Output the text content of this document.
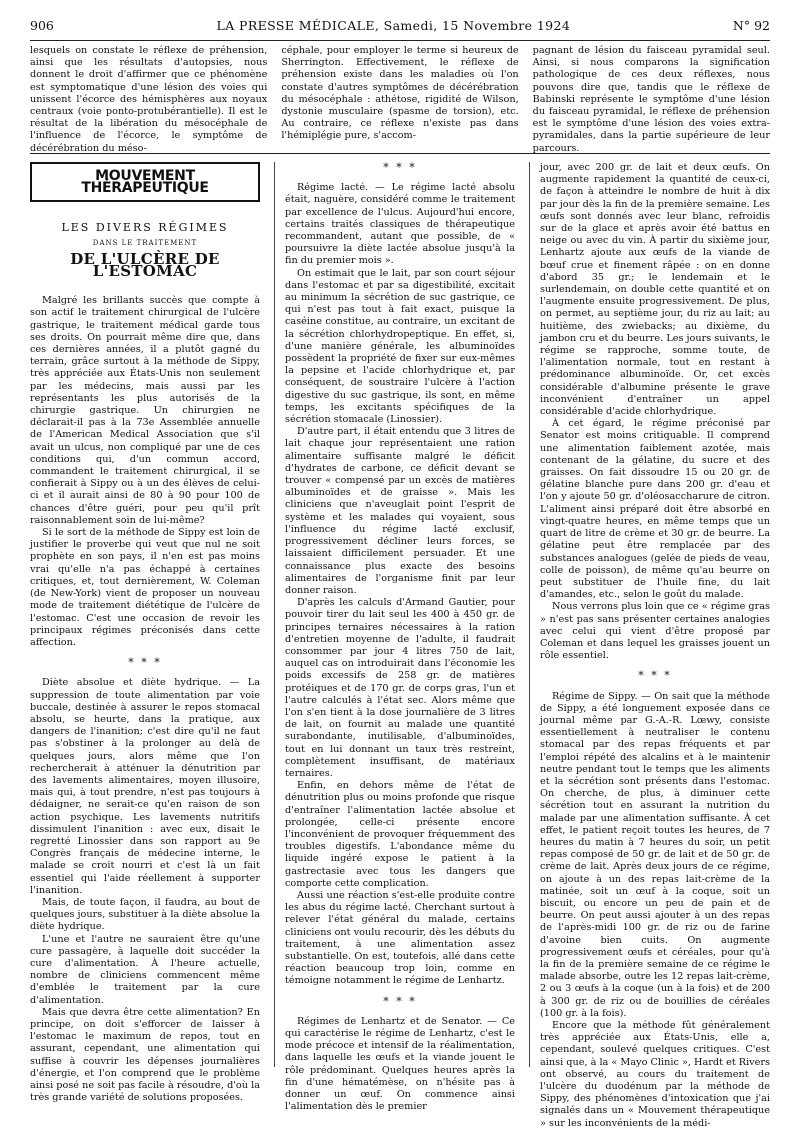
906	LA PRESSE MÉDICALE, Samedi, 15 Novembre 1924	N° 92

lesquels on constate le réflexe de préhension, ainsi que les résultats d'autopsies, nous donnent le droit d'affirmer que ce phénomène est symptomatique d'une lésion des voies qui unissent l'écorce des hémisphères aux noyaux centraux (voie ponto-protubérantielle). Il est le résultat de la libération du mésocéphale de l'influence de l'écorce, le symptôme de décérébration du méso-

céphale, pour employer le terme si heureux de Sherrington. Effectivement, le réflexe de préhension existe dans les maladies où l'on constate d'autres symptômes de décérébration du mésocéphale : athétose, rigidité de Wilson, dystonie musculaire (spasme de torsion), etc. Au contraire, ce réflexe n'existe pas dans l'hémiplégie pure, s'accom-

pagnant de lésion du faisceau pyramidal seul. Ainsi, si nous comparons la signification pathologique de ces deux réflexes, nous pouvons dire que, tandis que le réflexe de Babinski représente le symptôme d'une lésion du faisceau pyramidal, le réflexe de préhension est le symptôme d'une lésion des voies extra-pyramidales, dans la partie supérieure de leur parcours.

MOUVEMENT THÉRAPEUTIQUE
LES DIVERS RÉGIMES
DANS LE TRAITEMENT
DE L'ULCÈRE DE L'ESTOMAC

Malgré les brillants succès que compte à son actif le traitement chirurgical de l'ulcère gastrique, le traitement médical garde tous ses droits. On pourrait même dire que, dans ces dernières années, il a plutôt gagné du terrain, grâce surtout à la méthode de Sippy, très appréciée aux États-Unis non seulement par les médecins, mais aussi par les représentants les plus autorisés de la chirurgie gastrique. Un chirurgien ne déclarait-il pas à la 73e Assemblée annuelle de l'American Medical Association que s'il avait un ulcus, non compliqué par une de ces conditions qui, d'un commun accord, commandent le traitement chirurgical, il se confierait à Sippy ou à un des élèves de celui-ci et il aurait ainsi de 80 à 90 pour 100 de chances d'être guéri, pour peu qu'il prît raisonnablement soin de lui-même?

Si le sort de la méthode de Sippy est loin de justifier le proverbe qui veut que nul ne soit prophète en son pays, il n'en est pas moins vrai qu'elle n'a pas échappé à certaines critiques, et, tout dernièrement, W. Coleman (de New-York) vient de proposer un nouveau mode de traitement diététique de l'ulcère de l'estomac. C'est une occasion de revoir les principaux régimes préconisés dans cette affection.

* * *

Diète absolue et diète hydrique. — La suppression de toute alimentation par voie buccale, destinée à assurer le repos stomacal absolu, se heurte, dans la pratique, aux dangers de l'inanition; c'est dire qu'il ne faut pas s'obstiner à la prolonger au delà de quelques jours, alors même que l'on rechercherait à atténuer la dénutrition par des lavements alimentaires, moyen illusoire, mais qui, à tout prendre, n'est pas toujours à dédaigner, ne serait-ce qu'en raison de son action psychique. Les lavements nutritifs dissimulent l'inanition : avec eux, disait le regretté Linossier dans son rapport au 9e Congrès français de médecine interne, le malade se croit nourri et c'est là un fait essentiel qui l'aide réellement à supporter l'inanition.

Mais, de toute façon, il faudra, au bout de quelques jours, substituer à la diète absolue la diète hydrique.

L'une et l'autre ne sauraient être qu'une cure passagère, à laquelle doit succéder la cure d'alimentation. À l'heure actuelle, nombre de cliniciens commencent même d'emblée le traitement par la cure d'alimentation.

Mais que devra être cette alimentation? En principe, on doit s'efforcer de laisser à l'estomac le maximum de repos, tout en assurant, cependant, une alimentation qui suffise à couvrir les dépenses journalières d'énergie, et l'on comprend que le problème ainsi posé ne soit pas facile à résoudre, d'où la très grande variété de solutions proposées.

* * *

Régime lacté. — Le régime lacté absolu était, naguère, considéré comme le traitement par excellence de l'ulcus. Aujourd'hui encore, certains traités classiques de thérapeutique recommandent, autant que possible, de « poursuivre la diète lactée absolue jusqu'à la fin du premier mois ».

On estimait que le lait, par son court séjour dans l'estomac et par sa digestibilité, excitait au minimum la sécrétion de suc gastrique, ce qui n'est pas tout à fait exact, puisque la caséine constitue, au contraire, un excitant de la sécrétion chlorhydropeptique. En effet, si, d'une manière générale, les albuminoïdes possèdent la propriété de fixer sur eux-mêmes la pepsine et l'acide chlorhydrique et, par conséquent, de soustraire l'ulcère à l'action digestive du suc gastrique, ils sont, en même temps, les excitants spécifiques de la sécrétion stomacale (Linossier).

D'autre part, il était entendu que 3 litres de lait chaque jour représentaient une ration alimentaire suffisante malgré le déficit d'hydrates de carbone, ce déficit devant se trouver « compensé par un excès de matières albuminoïdes et de graisse ». Mais les cliniciens que n'aveuglait point l'esprit de système et les malades qui voyaient, sous l'influence du régime lacté exclusif, progressivement décliner leurs forces, se laissaient difficilement persuader. Et une connaissance plus exacte des besoins alimentaires de l'organisme finit par leur donner raison.

D'après les calculs d'Armand Gautier, pour pouvoir tirer du lait seul les 400 à 450 gr. de principes ternaires nécessaires à la ration d'entretien moyenne de l'adulte, il faudrait consommer par jour 4 litres 750 de lait, auquel cas on introduirait dans l'économie les poids excessifs de 258 gr. de matières protéiques et de 170 gr. de corps gras, l'un et l'autre calculés à l'état sec. Alors même que l'on s'en tient à la dose journalière de 3 litres de lait, on fournit au malade une quantité surabondante, inutilisable, d'albuminoïdes, tout en lui donnant un taux très restreint, complètement insuffisant, de matériaux ternaires.

Enfin, en dehors même de l'état de dénutrition plus ou moins profonde que risque d'entraîner l'alimentation lactée absolue et prolongée, celle-ci présente encore l'inconvénient de provoquer fréquemment des troubles digestifs. L'abondance même du liquide ingéré expose le patient à la gastrectasie avec tous les dangers que comporte cette complication.

Aussi une réaction s'est-elle produite contre les abus du régime lacté. Cherchant surtout à relever l'état général du malade, certains cliniciens ont voulu recourir, dès les débuts du traitement, à une alimentation assez substantielle. On est, toutefois, allé dans cette réaction beaucoup trop loin, comme en témoigne notamment le régime de Lenhartz.

* * *

Régimes de Lenhartz et de Senator. — Ce qui caractérise le régime de Lenhartz, c'est le mode précoce et intensif de la réalimentation, dans laquelle les œufs et la viande jouent le rôle prédominant. Quelques heures après la fin d'une hématémèse, on n'hésite pas à donner un œuf. On commence ainsi l'alimentation dès le premier

jour, avec 200 gr. de lait et deux œufs. On augmente rapidement la quantité de ceux-ci, de façon à atteindre le nombre de huit à dix par jour dès la fin de la première semaine. Les œufs sont donnés avec leur blanc, refroidis sur de la glace et après avoir été battus en neige ou avec du vin. À partir du sixième jour, Lenhartz ajoute aux œufs de la viande de bœuf crue et finement râpée : on en donne d'abord 35 gr.; le lendemain et le surlendemain, on double cette quantité et on l'augmente ensuite progressivement. De plus, on permet, au septième jour, du riz au lait; au huitième, des zwiebacks; au dixième, du jambon cru et du beurre. Les jours suivants, le régime se rapproche, somme toute, de l'alimentation normale, tout en restant à prédominance albuminoïde. Or, cet excès considérable d'albumine présente le grave inconvénient d'entraîner un appel considérable d'acide chlorhydrique.

À cet égard, le régime préconisé par Senator est moins critiquable. Il comprend une alimentation faiblement azotée, mais contenant de la gélatine, du sucre et des graisses. On fait dissoudre 15 ou 20 gr. de gélatine blanche pure dans 200 gr. d'eau et l'on y ajoute 50 gr. d'oléosaccharure de citron. L'aliment ainsi préparé doit être absorbé en vingt-quatre heures, en même temps que un quart de litre de crème et 30 gr. de beurre. La gélatine peut être remplacée par des substances analogues (gelée de pieds de veau, colle de poisson), de même qu'au beurre on peut substituer de l'huile fine, du lait d'amandes, etc., selon le goût du malade.

Nous verrons plus loin que ce « régime gras » n'est pas sans présenter certaines analogies avec celui qui vient d'être proposé par Coleman et dans lequel les graisses jouent un rôle essentiel.

* * *

Régime de Sippy. — On sait que la méthode de Sippy, a été longuement exposée dans ce journal même par G.-A.-R. Lœwy, consiste essentiellement à neutraliser le contenu stomacal par des repas fréquents et par l'emploi répété des alcalins et à le maintenir neutre pendant tout le temps que les aliments et la sécrétion sont présents dans l'estomac. On cherche, de plus, à diminuer cette sécrétion tout en assurant la nutrition du malade par une alimentation suffisante. À cet effet, le patient reçoit toutes les heures, de 7 heures du matin à 7 heures du soir, un petit repas composé de 50 gr. de lait et de 50 gr. de crème de lait. Après deux jours de ce régime, on ajoute à un des repas lait-crème de la matinée, soit un œuf à la coque, soit un biscuit, ou encore un peu de pain et de beurre. On peut aussi ajouter à un des repas de l'après-midi 100 gr. de riz ou de farine d'avoine bien cuits. On augmente progressivement œufs et céréales, pour qu'à la fin de la première semaine de ce régime le malade absorbe, outre les 12 repas lait-crème, 2 ou 3 œufs à la coque (un à la fois) et de 200 à 300 gr. de riz ou de bouillies de céréales (100 gr. à la fois).

Encore que la méthode fût généralement très appréciée aux États-Unis, elle a, cependant, soulevé quelques critiques. C'est ainsi que, à la « Mayo Clinic », Hardt et Rivers ont observé, au cours du traitement de l'ulcère du duodénum par la méthode de Sippy, des phénomènes d'intoxication que j'ai signalés dans un « Mouvement thérapeutique » sur les inconvénients de la médi-
